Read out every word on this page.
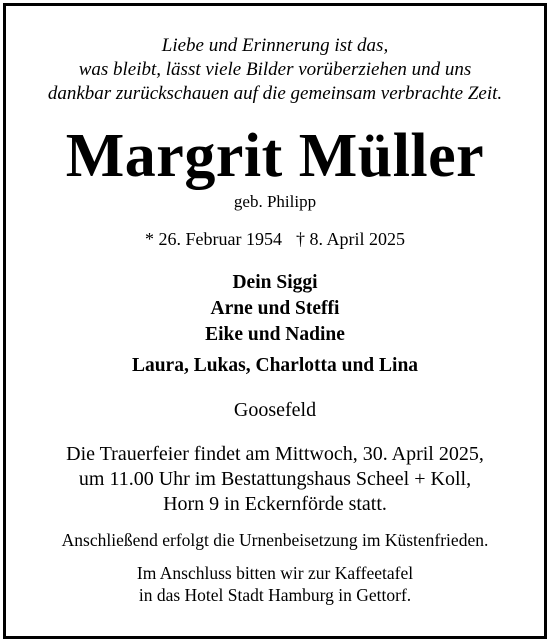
Liebe und Erinnerung ist das,
was bleibt, lässt viele Bilder vorüberziehen und uns
dankbar zurückschauen auf die gemeinsam verbrachte Zeit.
Margrit Müller
geb. Philipp
* 26. Februar 1954 † 8. April 2025
Dein Siggi
Arne und Steffi
Eike und Nadine
Laura, Lukas, Charlotta und Lina
Goosefeld
Die Trauerfeier findet am Mittwoch, 30. April 2025,
um 11.00 Uhr im Bestattungshaus Scheel + Koll,
Horn 9 in Eckernförde statt.
Anschließend erfolgt die Urnenbeisetzung im Küstenfrieden.
Im Anschluss bitten wir zur Kaffeetafel
in das Hotel Stadt Hamburg in Gettorf.
